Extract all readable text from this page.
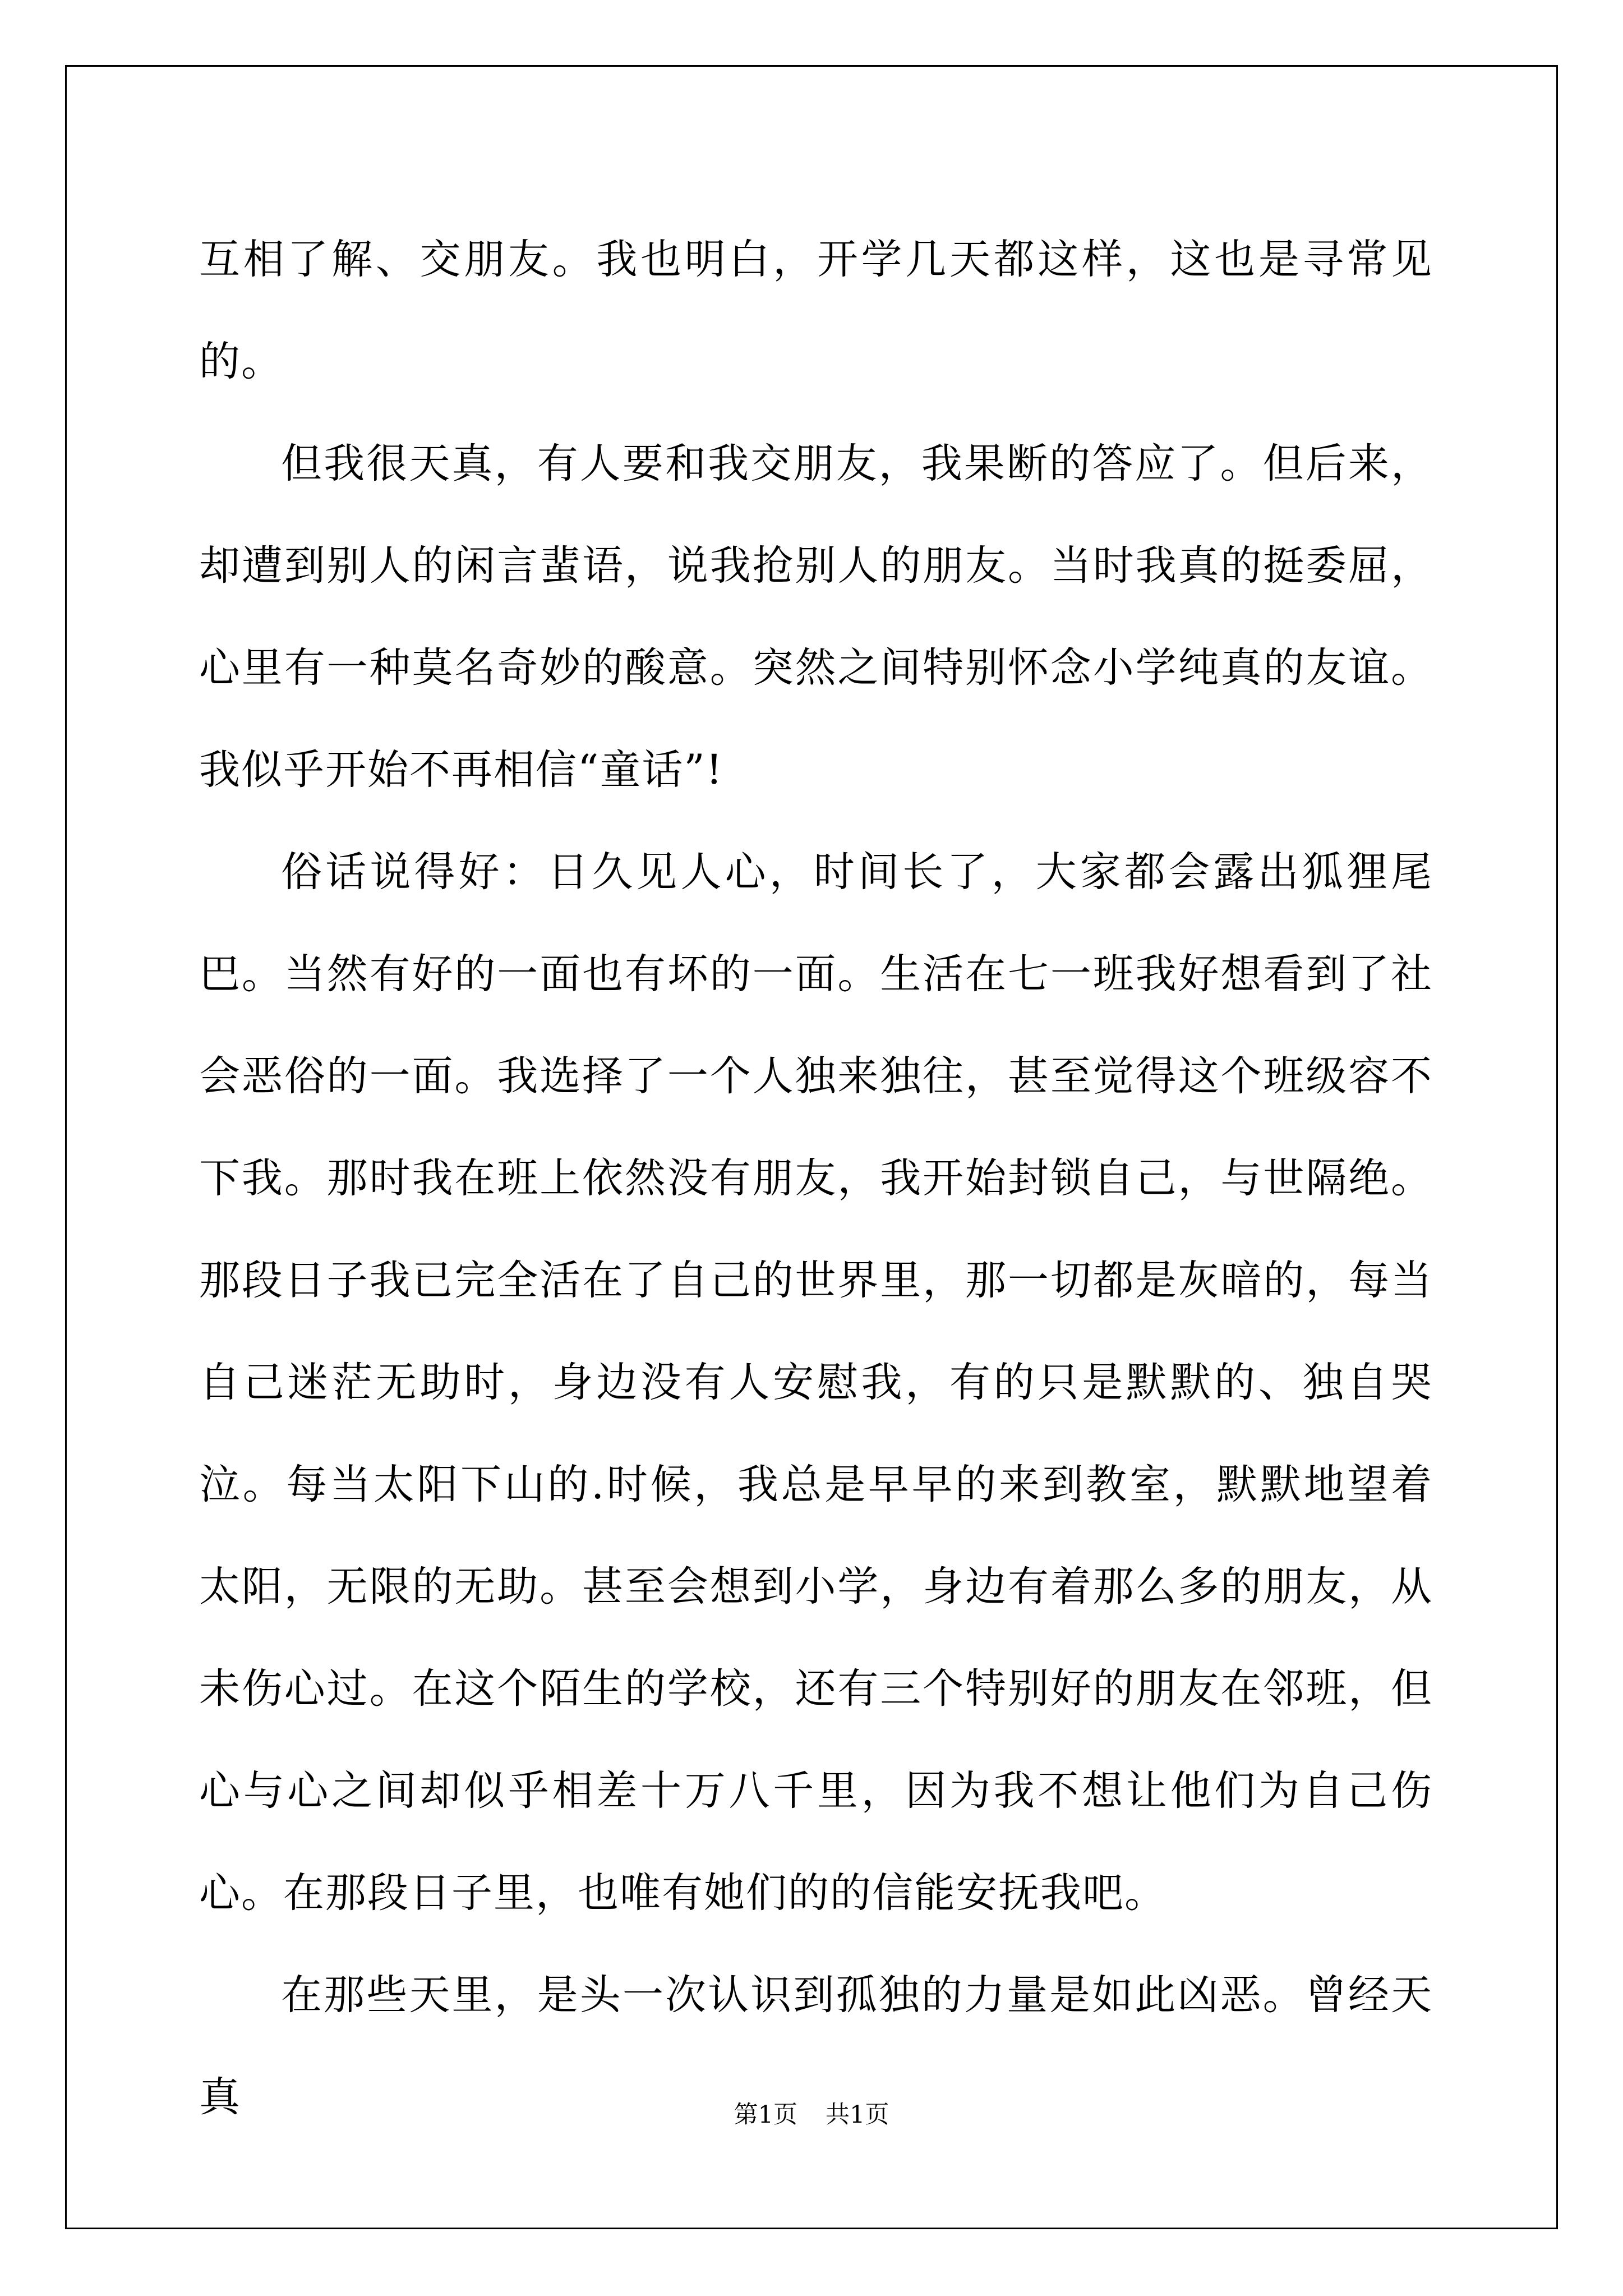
互相了解、交朋友。我也明白，开学几天都这样，这也是寻常见的。

但我很天真，有人要和我交朋友，我果断的答应了。但后来，却遭到别人的闲言蜚语，说我抢别人的朋友。当时我真的挺委屈，心里有一种莫名奇妙的酸意。突然之间特别怀念小学纯真的友谊。我似乎开始不再相信“童话”!

俗话说得好：日久见人心，时间长了，大家都会露出狐狸尾巴。当然有好的一面也有坏的一面。生活在七一班我好想看到了社会恶俗的一面。我选择了一个人独来独往，甚至觉得这个班级容不下我。那时我在班上依然没有朋友，我开始封锁自己，与世隔绝。那段日子我已完全活在了自己的世界里，那一切都是灰暗的，每当自己迷茫无助时，身边没有人安慰我，有的只是默默的、独自哭泣。每当太阳下山的.时候，我总是早早的来到教室，默默地望着太阳，无限的无助。甚至会想到小学，身边有着那么多的朋友，从未伤心过。在这个陌生的学校，还有三个特别好的朋友在邻班，但心与心之间却似乎相差十万八千里，因为我不想让他们为自己伤心。在那段日子里，也唯有她们的的信能安抚我吧。

在那些天里，是头一次认识到孤独的力量是如此凶恶。曾经天真	第1页 共1页
